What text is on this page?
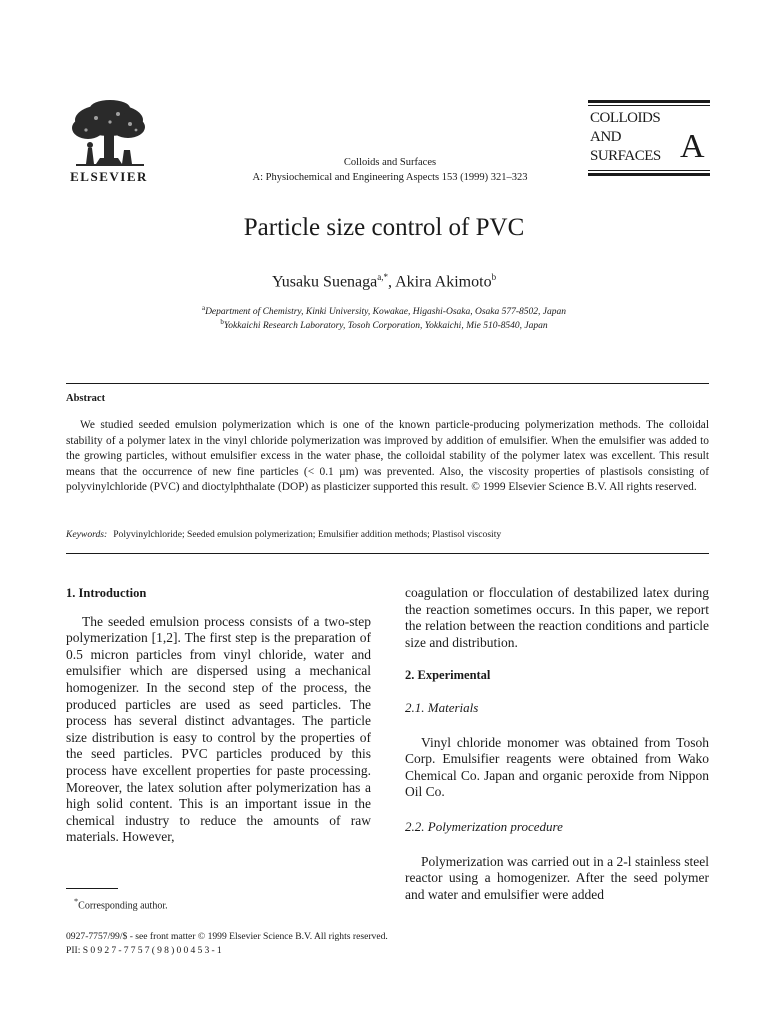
ELSEVIER
Colloids and Surfaces
A: Physiochemical and Engineering Aspects 153 (1999) 321–323
COLLOIDS
AND
SURFACES A
Particle size control of PVC
Yusaku Suenaga$^{a,*}$, Akira Akimoto$^b$
$^a$Department of Chemistry, Kinki University, Kowakae, Higashi-Osaka, Osaka 577-8502, Japan
$^b$Yokkaichi Research Laboratory, Tosoh Corporation, Yokkaichi, Mie 510-8540, Japan
Abstract
We studied seeded emulsion polymerization which is one of the known particle-producing polymerization methods. The colloidal stability of a polymer latex in the vinyl chloride polymerization was improved by addition of emulsifier. When the emulsifier was added to the growing particles, without emulsifier excess in the water phase, the colloidal stability of the polymer latex was excellent. This result means that the occurrence of new fine particles (< 0.1 µm) was prevented. Also, the viscosity properties of plastisols consisting of polyvinylchloride (PVC) and dioctylphthalate (DOP) as plasticizer supported this result. © 1999 Elsevier Science B.V. All rights reserved.
Keywords: Polyvinylchloride; Seeded emulsion polymerization; Emulsifier addition methods; Plastisol viscosity

1. Introduction

The seeded emulsion process consists of a two-step polymerization [1,2]. The first step is the preparation of 0.5 micron particles from vinyl chloride, water and emulsifier which are dispersed using a mechanical homogenizer. In the second step of the process, the produced particles are used as seed particles. The process has several distinct advantages. The particle size distribution is easy to control by the properties of the seed particles. PVC particles produced by this process have excellent properties for paste processing. Moreover, the latex solution after polymerization has a high solid content. This is an important issue in the chemical industry to reduce the amounts of raw materials. However,

coagulation or flocculation of destabilized latex during the reaction sometimes occurs. In this paper, we report the relation between the reaction conditions and particle size and distribution.

2. Experimental

2.1. Materials

Vinyl chloride monomer was obtained from Tosoh Corp. Emulsifier reagents were obtained from Wako Chemical Co. Japan and organic peroxide from Nippon Oil Co.

2.2. Polymerization procedure

Polymerization was carried out in a 2-l stainless steel reactor using a homogenizer. After the seed polymer and water and emulsifier were added

*Corresponding author.
0927-7757/99/$ - see front matter © 1999 Elsevier Science B.V. All rights reserved.
PII: S0927-7757(98)00453-1
